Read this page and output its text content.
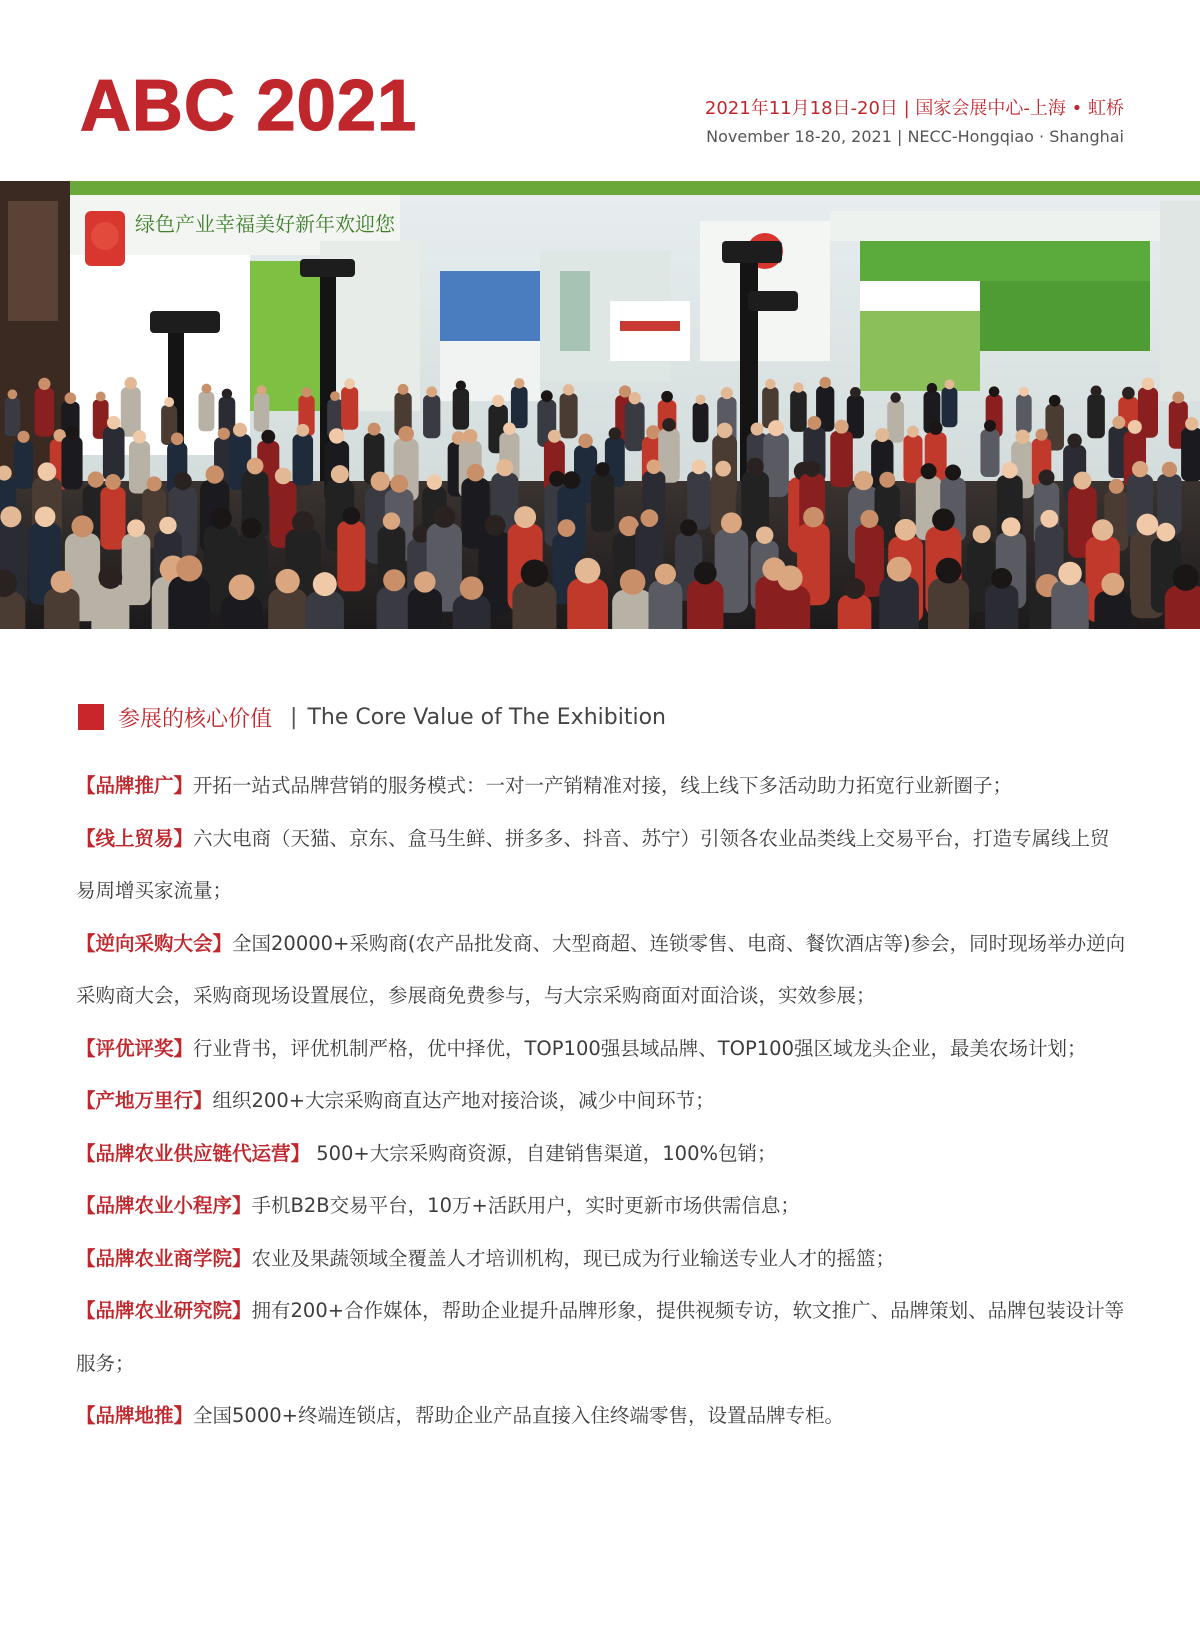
ABC 2021	2021年11月18日-20日 | 国家会展中心-上海 • 虹桥
November 18-20, 2021 | NECC-Hongqiao · Shanghai
绿色产业幸福美好新年欢迎您
参展的核心价值 | The Core Value of The Exhibition

【品牌推广】开拓一站式品牌营销的服务模式：一对一产销精准对接，线上线下多活动助力拓宽行业新圈子；

【线上贸易】六大电商（天猫、京东、盒马生鲜、拼多多、抖音、苏宁）引领各农业品类线上交易平台，打造专属线上贸易周增买家流量；

【逆向采购大会】全国20000+采购商(农产品批发商、大型商超、连锁零售、电商、餐饮酒店等)参会，同时现场举办逆向采购商大会，采购商现场设置展位，参展商免费参与，与大宗采购商面对面洽谈，实效参展；

【评优评奖】行业背书，评优机制严格，优中择优，TOP100强县域品牌、TOP100强区域龙头企业，最美农场计划；

【产地万里行】组织200+大宗采购商直达产地对接洽谈，减少中间环节；

【品牌农业供应链代运营】 500+大宗采购商资源，自建销售渠道，100%包销；

【品牌农业小程序】手机B2B交易平台，10万+活跃用户，实时更新市场供需信息；

【品牌农业商学院】农业及果蔬领域全覆盖人才培训机构，现已成为行业输送专业人才的摇篮；

【品牌农业研究院】拥有200+合作媒体，帮助企业提升品牌形象，提供视频专访，软文推广、品牌策划、品牌包装设计等服务；

【品牌地推】全国5000+终端连锁店，帮助企业产品直接入住终端零售，设置品牌专柜。
